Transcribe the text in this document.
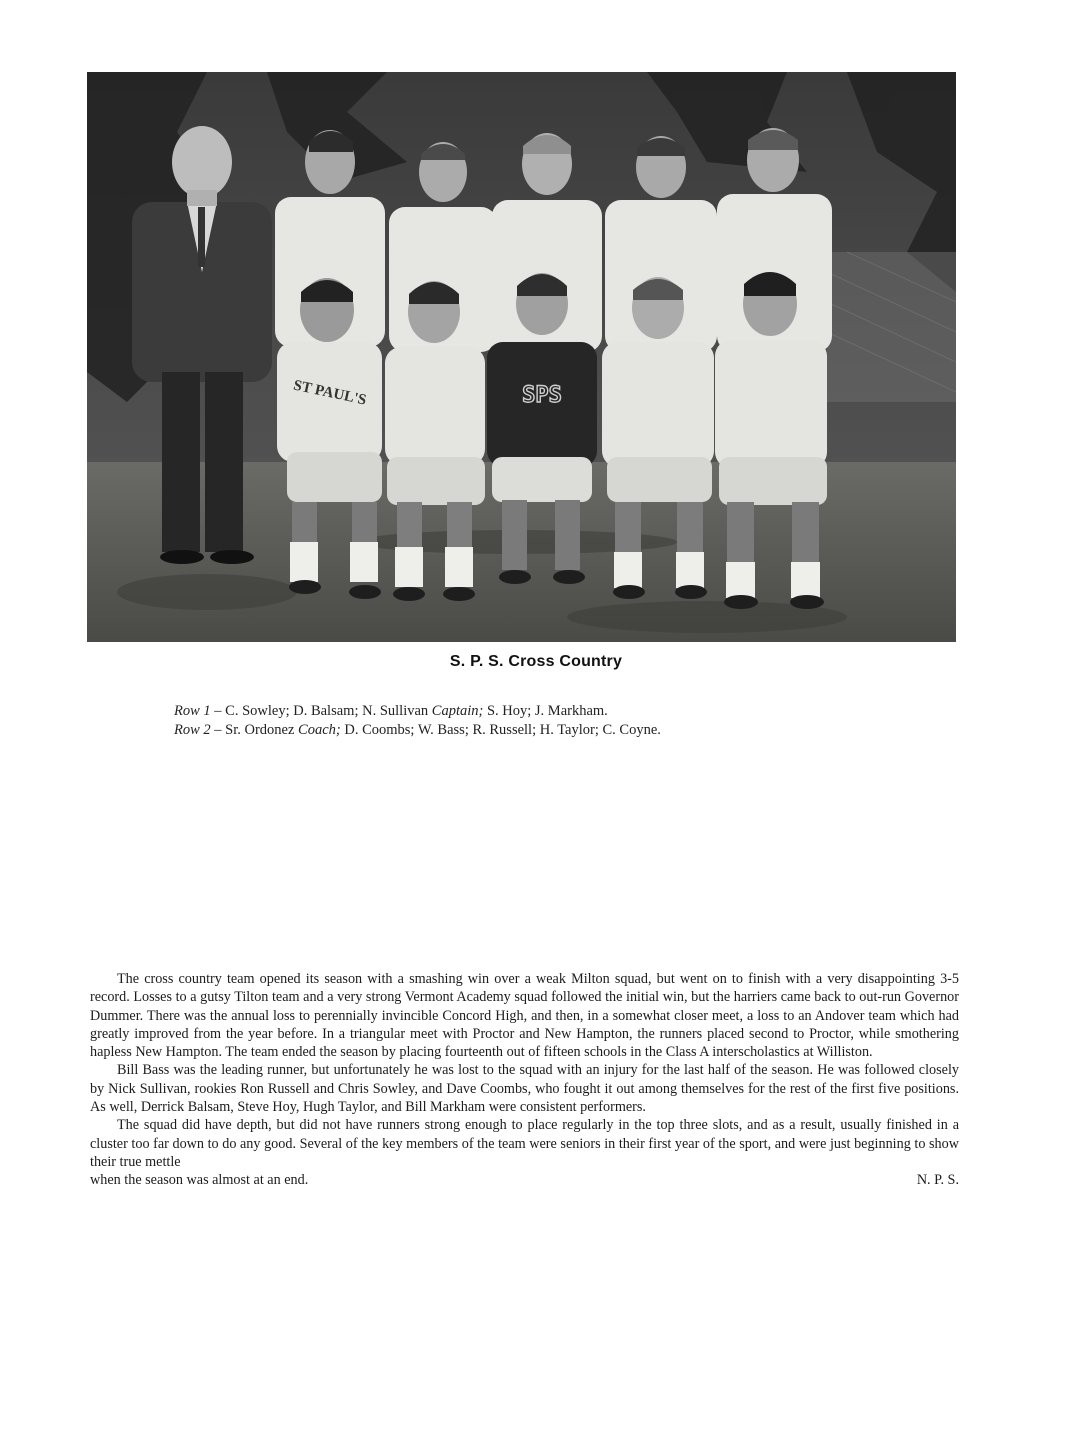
ST PAUL'S	SPS
S. P. S. Cross Country
Row 1 – C. Sowley; D. Balsam; N. Sullivan Captain; S. Hoy; J. Markham.
Row 2 – Sr. Ordonez Coach; D. Coombs; W. Bass; R. Russell; H. Taylor; C. Coyne.

The cross country team opened its season with a smashing win over a weak Milton squad, but went on to finish with a very disappointing 3-5 record. Losses to a gutsy Tilton team and a very strong Vermont Academy squad followed the initial win, but the harriers came back to out-run Governor Dummer. There was the annual loss to perennially invincible Concord High, and then, in a somewhat closer meet, a loss to an Andover team which had greatly improved from the year before. In a triangular meet with Proctor and New Hampton, the runners placed second to Proctor, while smothering hapless New Hampton. The team ended the season by placing fourteenth out of fifteen schools in the Class A interscholastics at Williston.

Bill Bass was the leading runner, but unfortunately he was lost to the squad with an injury for the last half of the season. He was followed closely by Nick Sullivan, rookies Ron Russell and Chris Sowley, and Dave Coombs, who fought it out among themselves for the rest of the first five positions. As well, Derrick Balsam, Steve Hoy, Hugh Taylor, and Bill Markham were consistent performers.

The squad did have depth, but did not have runners strong enough to place regularly in the top three slots, and as a result, usually finished in a cluster too far down to do any good. Several of the key members of the team were seniors in their first year of the sport, and were just beginning to show their true mettle

when the season was almost at an end.	N. P. S.
